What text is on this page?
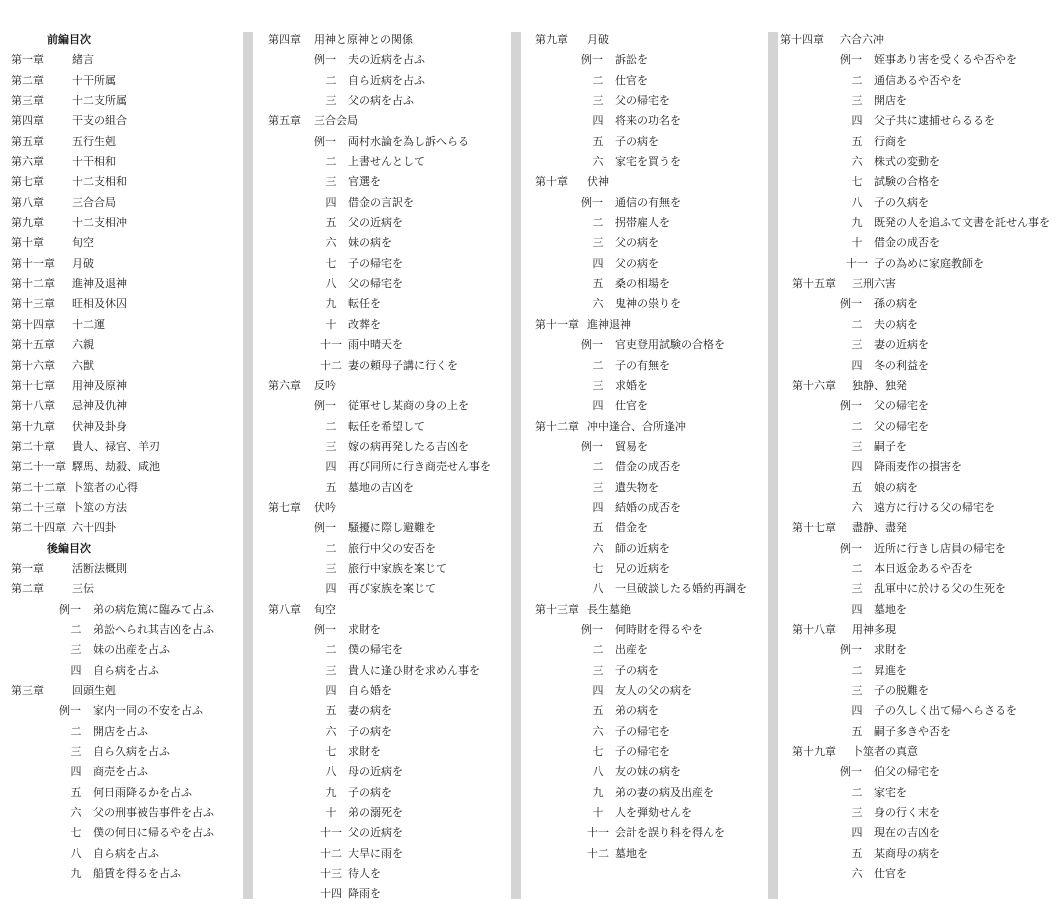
前編目次
第一章	緒言
第二章	十干所属
第三章	十二支所属
第四章	干支の組合
第五章	五行生剋
第六章	十干相和
第七章	十二支相和
第八章	三合合局
第九章	十二支相冲
第十章	旬空
第十一章 月破
第十二章 進神及退神
第十三章 旺相及休囚
第十四章 十二運
第十五章 六親
第十六章 六獣
第十七章 用神及原神
第十八章 忌神及仇神
第十九章 伏神及卦身
第二十章 貴人、禄官、羊刃
第二十一章 驛馬、劫殺、咸池
第二十二章 卜筮者の心得
第二十三章 卜筮の方法
第二十四章 六十四卦
後編目次
第一章	活断法概則
第二章	三伝
例一 弟の病危篤に臨みて占ふ
二 弟訟へられ其吉凶を占ふ
三 妹の出産を占ふ
四 自ら病を占ふ
第三章	回頭生剋
例一 家内一同の不安を占ふ
二 開店を占ふ
三 自ら久病を占ふ
四 商売を占ふ
五 何日雨降るかを占ふ
六 父の刑事被告事件を占ふ
七 僕の何日に帰るやを占ふ
八 自ら病を占ふ
九 船賃を得るを占ふ
第四章 用神と原神との関係
例一 夫の近病を占ふ
二 自ら近病を占ふ
三 父の病を占ふ
第五章 三合会局
例一 両村水論を為し訴へらる
二 上書せんとして
三 官選を
四 借金の言訳を
五 父の近病を
六 妹の病を
七 子の帰宅を
八 父の帰宅を
九 転任を
十 改葬を
十一 雨中晴天を
十二 妻の頼母子講に行くを
第六章 反吟
例一 従軍せし某商の身の上を
二 転任を希望して
三 嫁の病再発したる吉凶を
四 再び同所に行き商売せん事を
五 墓地の吉凶を
第七章 伏吟
例一 騒擾に際し避難を
二 旅行中父の安否を
三 旅行中家族を案じて
四 再び家族を案じて
第八章 旬空
例一 求財を
二 僕の帰宅を
三 貴人に逢ひ財を求めん事を
四 自ら婚を
五 妻の病を
六 子の病を
七 求財を
八 母の近病を
九 子の病を
十 弟の溺死を
十一 父の近病を
十二 大旱に雨を
十三 待人を
十四 降雨を
第九章 月破
例一 訴訟を
二 仕官を
三 父の帰宅を
四 将来の功名を
五 子の病を
六 家宅を買うを
第十章 伏神
例一 通信の有無を
二 拐帯雇人を
三 父の病を
四 父の病を
五 桑の相場を
六 鬼神の祟りを
第十一章 進神退神
例一 官吏登用試験の合格を
二 子の有無を
三 求婚を
四 仕官を
第十二章 冲中逢合、合所逢冲
例一 貿易を
二 借金の成否を
三 遺失物を
四 結婚の成否を
五 借金を
六 師の近病を
七 兄の近病を
八 一旦破談したる婚約再調を
第十三章 長生墓絶
例一 何時財を得るやを
二 出産を
三 子の病を
四 友人の父の病を
五 弟の病を
六 子の帰宅を
七 子の帰宅を
八 友の妹の病を
九 弟の妻の病及出産を
十 人を弾劾せんを
十一 会計を誤り科を得んを
十二 墓地を
第十四章 六合六冲
例一 姪事あり害を受くるや否やを
二 通信あるや否やを
三 開店を
四 父子共に逮捕せらるるを
五 行商を
六 株式の変動を
七 試験の合格を
八 子の久病を
九 既発の人を追ふて文書を託せん事を
十 借金の成否を
十一 子の為めに家庭教師を
第十五章 三刑六害
例一 孫の病を
二 夫の病を
三 妻の近病を
四 冬の利益を
第十六章 独静、独発
例一 父の帰宅を
二 父の帰宅を
三 嗣子を
四 降雨麦作の損害を
五 娘の病を
六 遠方に行ける父の帰宅を
第十七章 盡静、盡発
例一 近所に行きし店員の帰宅を
二 本日返金あるや否を
三 乱軍中に於ける父の生死を
四 墓地を
第十八章 用神多現
例一 求財を
二 昇進を
三 子の脱難を
四 子の久しく出て帰へらさるを
五 嗣子多きや否を
第十九章 卜筮者の真意
例一 伯父の帰宅を
二 家宅を
三 身の行く末を
四 現在の吉凶を
五 某商母の病を
六 仕官を
